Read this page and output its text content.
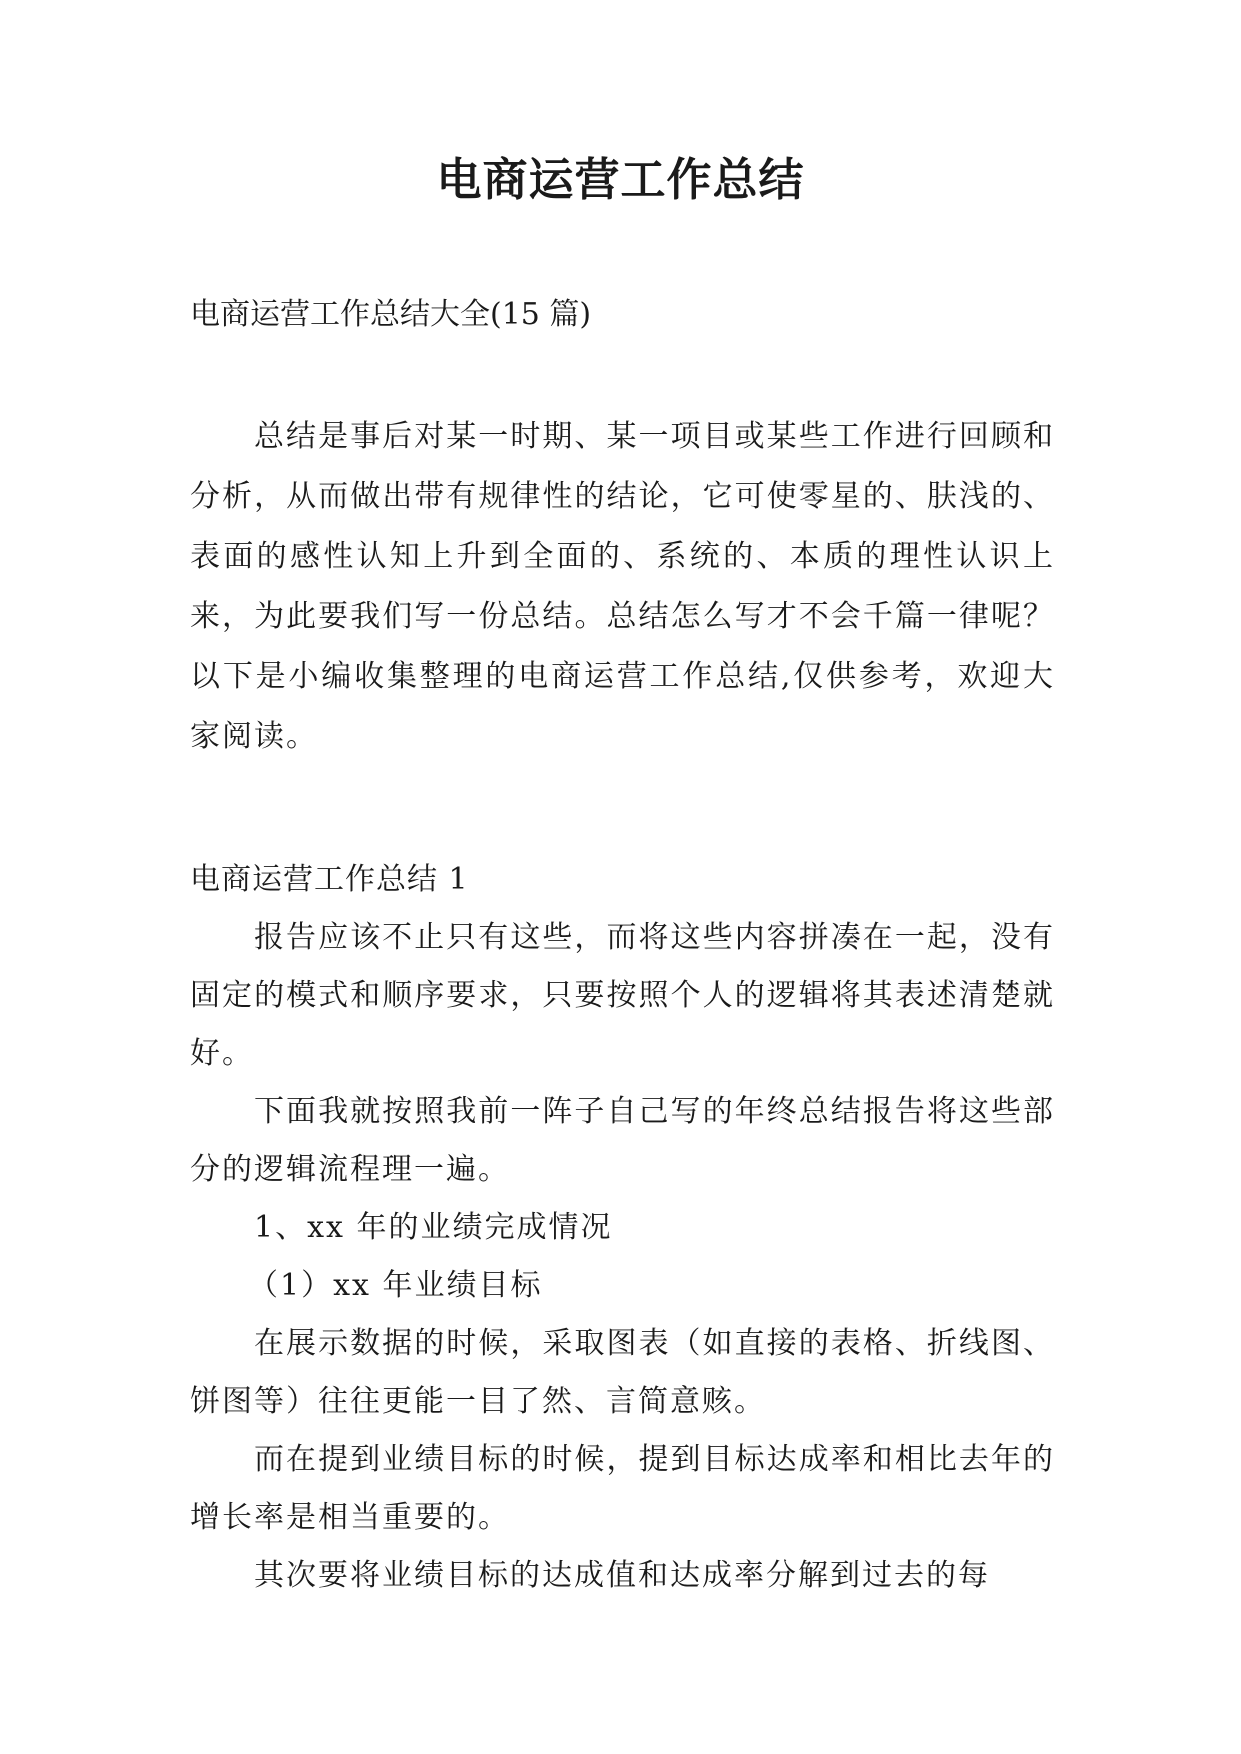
电商运营工作总结
电商运营工作总结大全(15 篇)

总结是事后对某一时期、某一项目或某些工作进行回顾和分析，从而做出带有规律性的结论，它可使零星的、肤浅的、表面的感性认知上升到全面的、系统的、本质的理性认识上来，为此要我们写一份总结。总结怎么写才不会千篇一律呢？以下是小编收集整理的电商运营工作总结,仅供参考，欢迎大家阅读。

电商运营工作总结 1

报告应该不止只有这些，而将这些内容拼凑在一起，没有固定的模式和顺序要求，只要按照个人的逻辑将其表述清楚就好。

下面我就按照我前一阵子自己写的年终总结报告将这些部分的逻辑流程理一遍。

1、xx 年的业绩完成情况

（1）xx 年业绩目标

在展示数据的时候，采取图表（如直接的表格、折线图、饼图等）往往更能一目了然、言简意赅。

而在提到业绩目标的时候，提到目标达成率和相比去年的增长率是相当重要的。

其次要将业绩目标的达成值和达成率分解到过去的每
